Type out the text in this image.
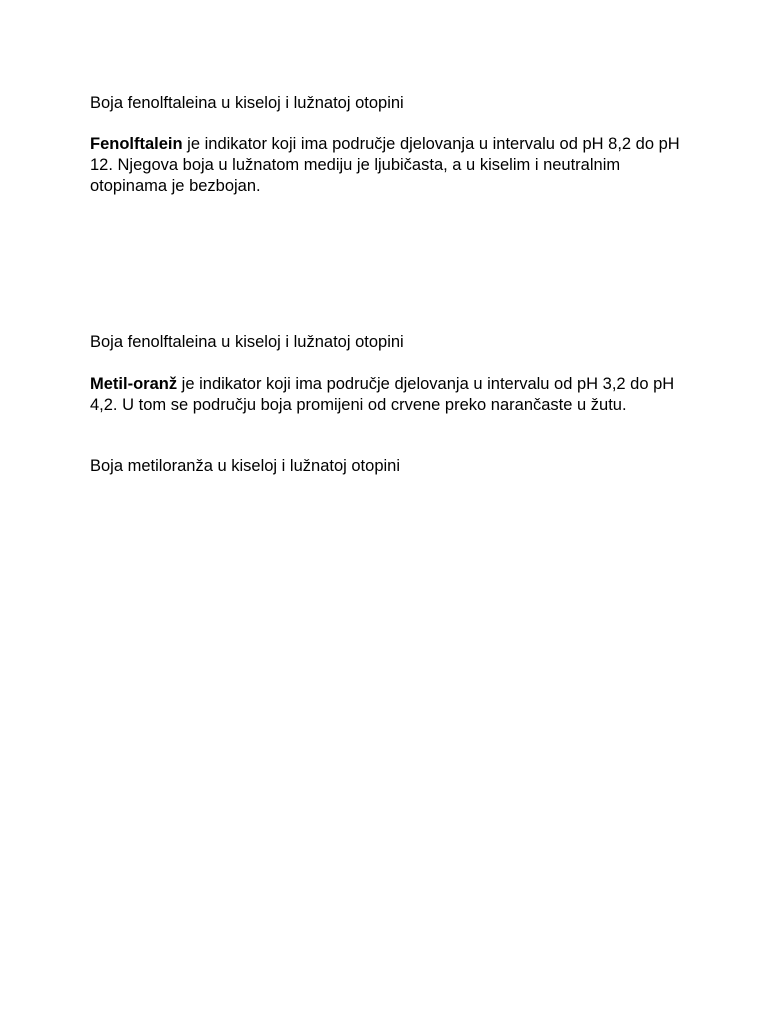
Boja fenolftaleina u kiseloj i lužnatoj otopini

Fenolftalein je indikator koji ima područje djelovanja u intervalu od pH 8,2 do pH 12. Njegova boja u lužnatom mediju je ljubičasta, a u kiselim i neutralnim otopinama je bezbojan.

Boja fenolftaleina u kiseloj i lužnatoj otopini

Metil-oranž je indikator koji ima područje djelovanja u intervalu od pH 3,2 do pH 4,2. U tom se području boja promijeni od crvene preko narančaste u žutu.

Boja metiloranža u kiseloj i lužnatoj otopini
